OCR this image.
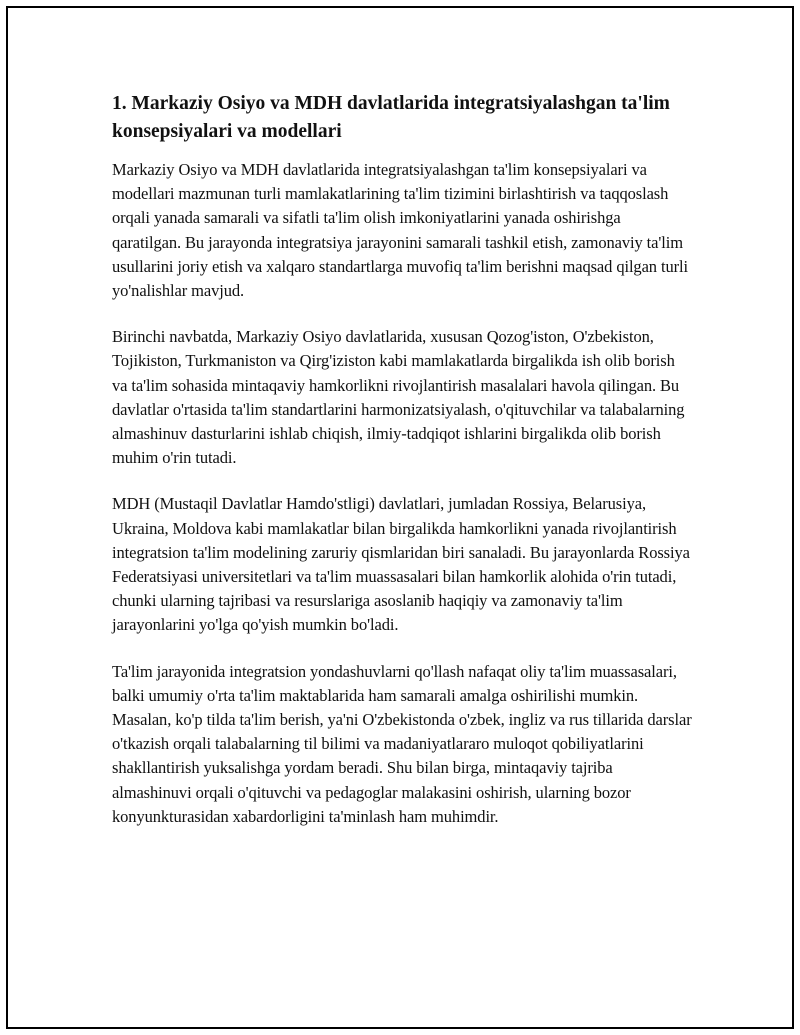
1. Markaziy Osiyo va MDH davlatlarida integratsiyalashgan ta'lim konsepsiyalari va modellari

Markaziy Osiyo va MDH davlatlarida integratsiyalashgan ta'lim konsepsiyalari va modellari mazmunan turli mamlakatlarining ta'lim tizimini birlashtirish va taqqoslash orqali yanada samarali va sifatli ta'lim olish imkoniyatlarini yanada oshirishga qaratilgan. Bu jarayonda integratsiya jarayonini samarali tashkil etish, zamonaviy ta'lim usullarini joriy etish va xalqaro standartlarga muvofiq ta'lim berishni maqsad qilgan turli yo'nalishlar mavjud.

Birinchi navbatda, Markaziy Osiyo davlatlarida, xususan Qozog'iston, O'zbekiston, Tojikiston, Turkmaniston va Qirg'iziston kabi mamlakatlarda birgalikda ish olib borish va ta'lim sohasida mintaqaviy hamkorlikni rivojlantirish masalalari havola qilingan. Bu davlatlar o'rtasida ta'lim standartlarini harmonizatsiyalash, o'qituvchilar va talabalarning almashinuv dasturlarini ishlab chiqish, ilmiy-tadqiqot ishlarini birgalikda olib borish muhim o'rin tutadi.

MDH (Mustaqil Davlatlar Hamdo'stligi) davlatlari, jumladan Rossiya, Belarusiya, Ukraina, Moldova kabi mamlakatlar bilan birgalikda hamkorlikni yanada rivojlantirish integratsion ta'lim modelining zaruriy qismlaridan biri sanaladi. Bu jarayonlarda Rossiya Federatsiyasi universitetlari va ta'lim muassasalari bilan hamkorlik alohida o'rin tutadi, chunki ularning tajribasi va resurslariga asoslanib haqiqiy va zamonaviy ta'lim jarayonlarini yo'lga qo'yish mumkin bo'ladi.

Ta'lim jarayonida integratsion yondashuvlarni qo'llash nafaqat oliy ta'lim muassasalari, balki umumiy o'rta ta'lim maktablarida ham samarali amalga oshirilishi mumkin. Masalan, ko'p tilda ta'lim berish, ya'ni O'zbekistonda o'zbek, ingliz va rus tillarida darslar o'tkazish orqali talabalarning til bilimi va madaniyatlararo muloqot qobiliyatlarini shakllantirish yuksalishga yordam beradi. Shu bilan birga, mintaqaviy tajriba almashinuvi orqali o'qituvchi va pedagoglar malakasini oshirish, ularning bozor konyunkturasidan xabardorligini ta'minlash ham muhimdir.
